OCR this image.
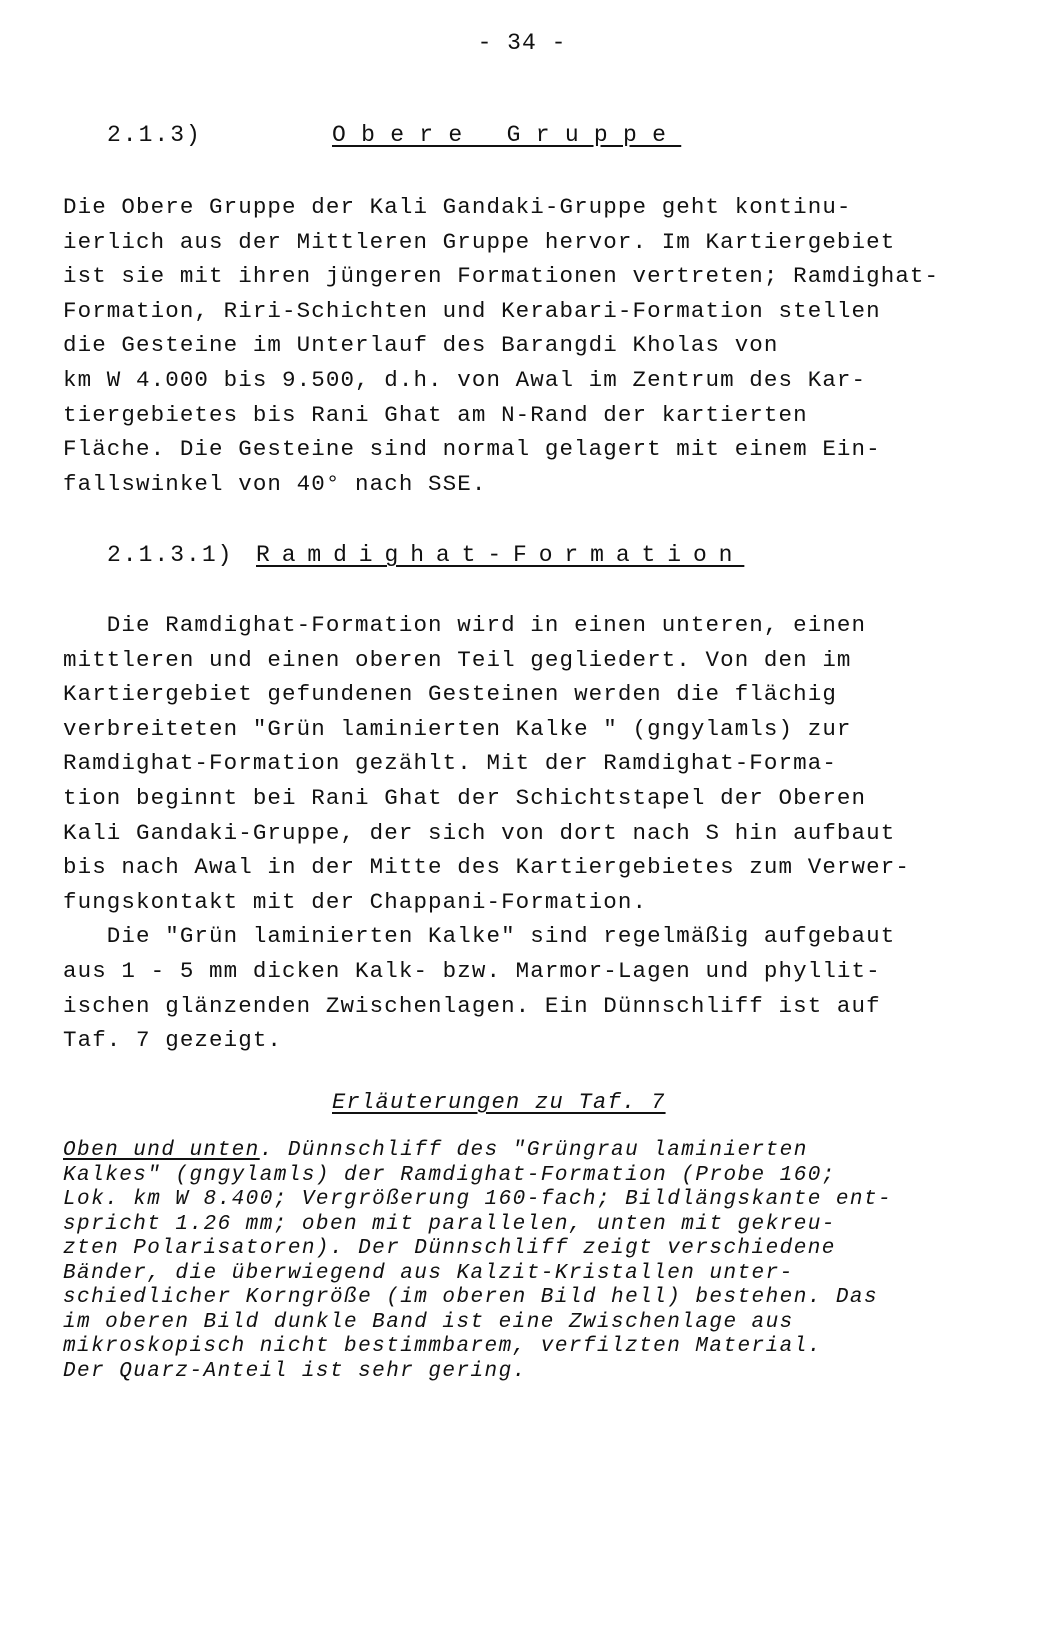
- 34 -
2.1.3)	Obere Gruppe
Die Obere Gruppe der Kali Gandaki-Gruppe geht kontinu-
ierlich aus der Mittleren Gruppe hervor. Im Kartiergebiet
ist sie mit ihren jüngeren Formationen vertreten; Ramdighat-
Formation, Riri-Schichten und Kerabari-Formation stellen
die Gesteine im Unterlauf des Barangdi Kholas von
km W 4.000 bis 9.500, d.h. von Awal im Zentrum des Kar-
tiergebietes bis Rani Ghat am N-Rand der kartierten
Fläche. Die Gesteine sind normal gelagert mit einem Ein-
fallswinkel von 40° nach SSE.
2.1.3.1) Ramdighat-Formation
Die Ramdighat-Formation wird in einen unteren, einen
mittleren und einen oberen Teil gegliedert. Von den im
Kartiergebiet gefundenen Gesteinen werden die flächig
verbreiteten "Grün laminierten Kalke " (gngylamls) zur
Ramdighat-Formation gezählt. Mit der Ramdighat-Forma-
tion beginnt bei Rani Ghat der Schichtstapel der Oberen
Kali Gandaki-Gruppe, der sich von dort nach S hin aufbaut
bis nach Awal in der Mitte des Kartiergebietes zum Verwer-
fungskontakt mit der Chappani-Formation.
Die "Grün laminierten Kalke" sind regelmäßig aufgebaut
aus 1 - 5 mm dicken Kalk- bzw. Marmor-Lagen und phyllit-
ischen glänzenden Zwischenlagen. Ein Dünnschliff ist auf
Taf. 7 gezeigt.
Erläuterungen zu Taf. 7
Oben und unten. Dünnschliff des "Grüngrau laminierten
Kalkes" (gngylamls) der Ramdighat-Formation (Probe 160;
Lok. km W 8.400; Vergrößerung 160-fach; Bildlängskante ent-
spricht 1.26 mm; oben mit parallelen, unten mit gekreu-
zten Polarisatoren). Der Dünnschliff zeigt verschiedene
Bänder, die überwiegend aus Kalzit-Kristallen unter-
schiedlicher Korngröße (im oberen Bild hell) bestehen. Das
im oberen Bild dunkle Band ist eine Zwischenlage aus
mikroskopisch nicht bestimmbarem, verfilzten Material.
Der Quarz-Anteil ist sehr gering.
